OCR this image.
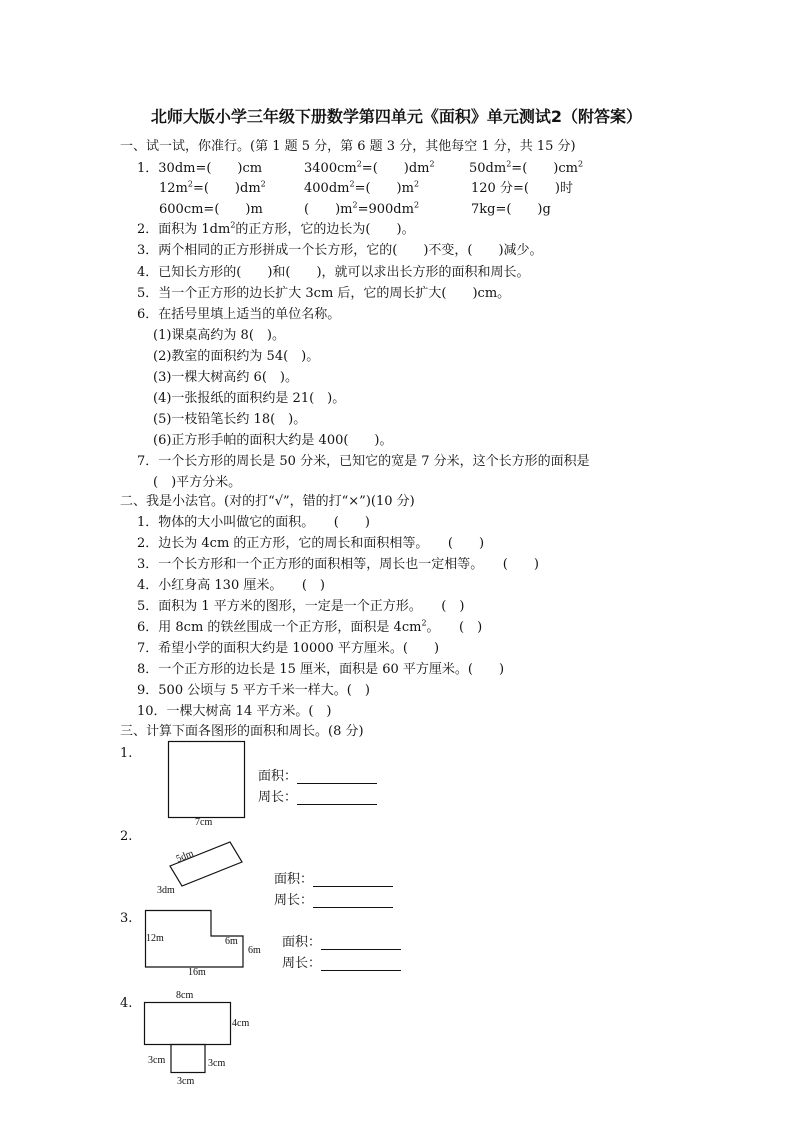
北师大版小学三年级下册数学第四单元《面积》单元测试2（附答案）
一、试一试，你准行。(第 1 题 5 分，第 6 题 3 分，其他每空 1 分，共 15 分)
1．30dm=(　　)cm	$3400cm^2=$(　　)$dm^2$	$50dm^2=$(　　)$cm^2$
$12m^2=$(　　)$dm^2$	$400dm^2=$(　　)$m^2$	120 分=(　　)时
600cm=(　　)m	(　　)$m^2=900dm^2$	7kg=(　　)g
2．面积为 $1dm^2$的正方形，它的边长为(　　)。
3．两个相同的正方形拼成一个长方形，它的(　　)不变，(　　)减少。
4．已知长方形的(　　)和(　　)，就可以求出长方形的面积和周长。
5．当一个正方形的边长扩大 3cm 后，它的周长扩大(　　)cm。
6．在括号里填上适当的单位名称。
(1)课桌高约为 8(　)。
(2)教室的面积约为 54(　)。
(3)一棵大树高约 6(　)。
(4)一张报纸的面积约是 21(　)。
(5)一枝铅笔长约 18(　)。
(6)正方形手帕的面积大约是 400(　　)。
7．一个长方形的周长是 50 分米，已知它的宽是 7 分米，这个长方形的面积是
(　)平方分米。
二、我是小法官。(对的打“√”，错的打“×”)(10 分)
1．物体的大小叫做它的面积。　　(　　)
2．边长为 4cm 的正方形，它的周长和面积相等。　　(　　)
3．一个长方形和一个正方形的面积相等，周长也一定相等。　　(　　)
4．小红身高 130 厘米。　　(　)
5．面积为 1 平方米的图形，一定是一个正方形。　　(　)
6．用 8cm 的铁丝围成一个正方形，面积是 $4cm^2$。　　(　)
7．希望小学的面积大约是 10000 平方厘米。(　　)
8．一个正方形的边长是 15 厘米，面积是 60 平方厘米。(　　)
9．500 公顷与 5 平方千米一样大。(　)
10．一棵大树高 14 平方米。(　)
三、计算下面各图形的面积和周长。(8 分)
1.
7cm
面积：
周长：
2.
5dm
3dm
面积：
周长：
3.
12m	6m
6m
16m
面积：
周长：
4.
8cm
4cm
3cm	3cm
3cm
